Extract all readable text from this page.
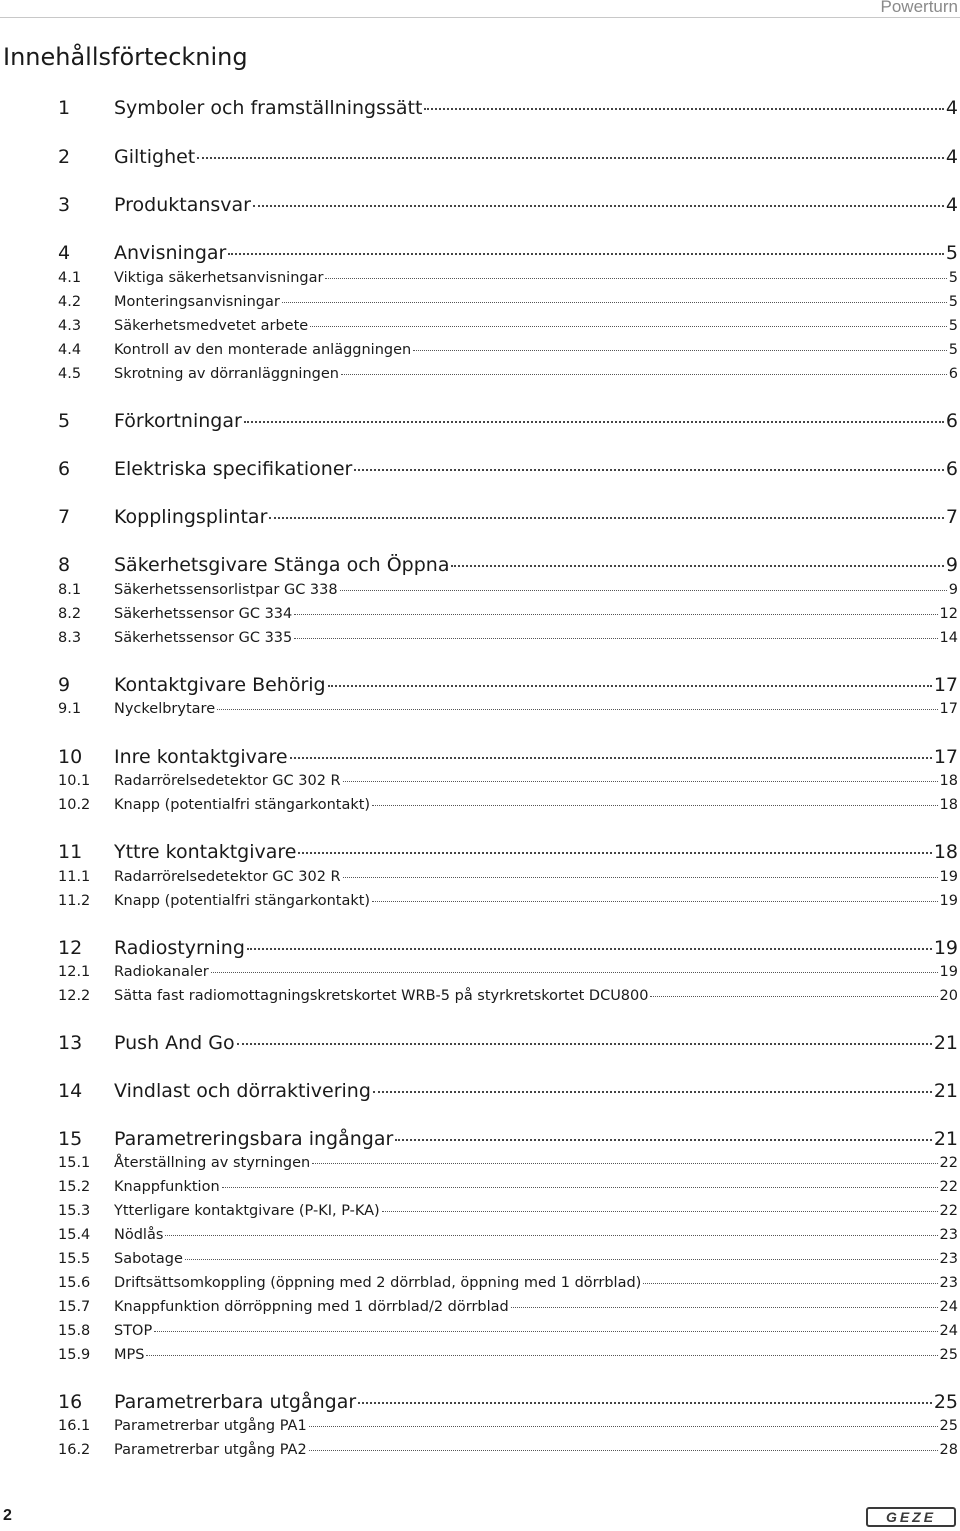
Powerturn
Innehållsförteckning
1 Symboler och framställningssätt	4
2 Giltighet	4
3 Produktansvar	4
4 Anvisningar	5
4.1 Viktiga säkerhetsanvisningar	5
4.2 Monteringsanvisningar	5
4.3 Säkerhetsmedvetet arbete	5
4.4 Kontroll av den monterade anläggningen	5
4.5 Skrotning av dörranläggningen	6
5 Förkortningar	6
6 Elektriska specifikationer	6
7 Kopplingsplintar	7
8 Säkerhetsgivare Stänga och Öppna	9
8.1 Säkerhetssensorlistpar GC 338	9
8.2 Säkerhetssensor GC 334	12
8.3 Säkerhetssensor GC 335	14
9 Kontaktgivare Behörig	17
9.1 Nyckelbrytare	17
10 Inre kontaktgivare	17
10.1 Radarrörelsedetektor GC 302 R	18
10.2 Knapp (potentialfri stängarkontakt)	18
11 Yttre kontaktgivare	18
11.1 Radarrörelsedetektor GC 302 R	19
11.2 Knapp (potentialfri stängarkontakt)	19
12 Radiostyrning	19
12.1 Radiokanaler	19
12.2 Sätta fast radiomottagningskretskortet WRB-5 på styrkretskortet DCU800	20
13 Push And Go	21
14 Vindlast och dörraktivering	21
15 Parametreringsbara ingångar	21
15.1 Återställning av styrningen	22
15.2 Knappfunktion	22
15.3 Ytterligare kontaktgivare (P-KI, P-KA)	22
15.4 Nödlås	23
15.5 Sabotage	23
15.6 Driftsättsomkoppling (öppning med 2 dörrblad, öppning med 1 dörrblad)	23
15.7 Knappfunktion dörröppning med 1 dörrblad/2 dörrblad	24
15.8 STOP	24
15.9 MPS	25
16 Parametrerbara utgångar	25
16.1 Parametrerbar utgång PA1	25
16.2 Parametrerbar utgång PA2	28
2	GEZE
